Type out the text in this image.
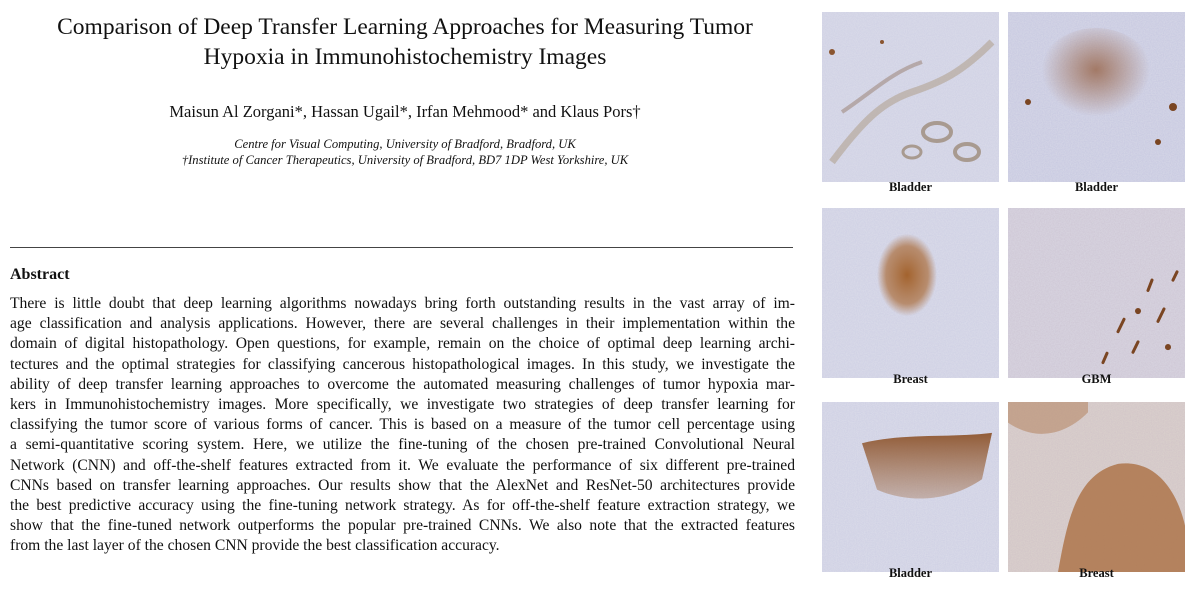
Comparison of Deep Transfer Learning Approaches for Measuring Tumor
Hypoxia in Immunohistochemistry Images
Maisun Al Zorgani*, Hassan Ugail*, Irfan Mehmood* and Klaus Pors†
Centre for Visual Computing, University of Bradford, Bradford, UK
†Institute of Cancer Therapeutics, University of Bradford, BD7 1DP West Yorkshire, UK
Abstract
There is little doubt that deep learning algorithms nowadays bring forth outstanding results in the vast array of im-
age classification and analysis applications. However, there are several challenges in their implementation within the
domain of digital histopathology. Open questions, for example, remain on the choice of optimal deep learning archi-
tectures and the optimal strategies for classifying cancerous histopathological images. In this study, we investigate the
ability of deep transfer learning approaches to overcome the automated measuring challenges of tumor hypoxia mar-
kers in Immunohistochemistry images. More specifically, we investigate two strategies of deep transfer learning for
classifying the tumor score of various forms of cancer. This is based on a measure of the tumor cell percentage using
a semi-quantitative scoring system. Here, we utilize the fine-tuning of the chosen pre-trained Convolutional Neural
Network (CNN) and off-the-shelf features extracted from it. We evaluate the performance of six different pre-trained
CNNs based on transfer learning approaches. Our results show that the AlexNet and ResNet-50 architectures provide
the best predictive accuracy using the fine-tuning network strategy. As for off-the-shelf feature extraction strategy, we
show that the fine-tuned network outperforms the popular pre-trained CNNs. We also note that the extracted features
from the last layer of the chosen CNN provide the best classification accuracy.
Bladder	Bladder
Breast	GBM
Bladder	Breast
